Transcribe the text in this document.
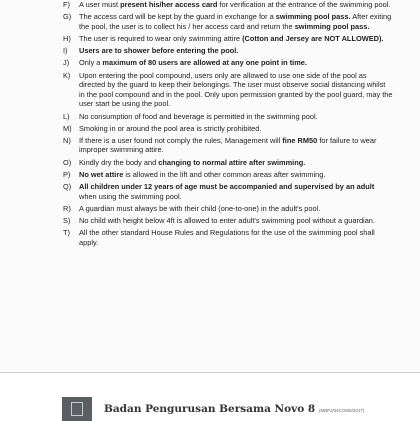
F) A user must present his/her access card for verification at the entrance of the swimming pool.
G) The access card will be kept by the guard in exchange for a swimming pool pass. After exiting the pool, the user is to collect his / her access card and return the swimming pool pass.
H) The user is required to wear only swimming attire (Cotton and Jersey are NOT ALLOWED).
I) Users are to shower before entering the pool.
J) Only a maximum of 80 users are allowed at any one point in time.
K) Upon entering the pool compound, users only are allowed to use one side of the pool as directed by the guard to keep their belongings. The user must observe social distancing whilst in the pool compound and in the pool. Only upon permission granted by the pool guard, may the user start be using the pool.
L) No consumption of food and beverage is permitted in the swimming pool.
M) Smoking in or around the pool area is strictly prohibited.
N) If there is a user found not comply the rules, Management will fine RM50 for failure to wear improper swimming attire.
O) Kindly dry the body and changing to normal attire after swimming.
P) No wet attire is allowed in the lift and other common areas after swimming.
Q) All children under 12 years of age must be accompanied and supervised by an adult when using the swimming pool.
R) A guardian must always be with their child (one-to-one) in the adult's pool.
S) No child with height below 4ft is allowed to enter adult's swimming pool without a guardian.
T) All the other standard House Rules and Regulations for the use of the swimming pool shall apply.
Badan Pengurusan Bersama Novo 8 (MBPJ/04CO8/6/2017)
